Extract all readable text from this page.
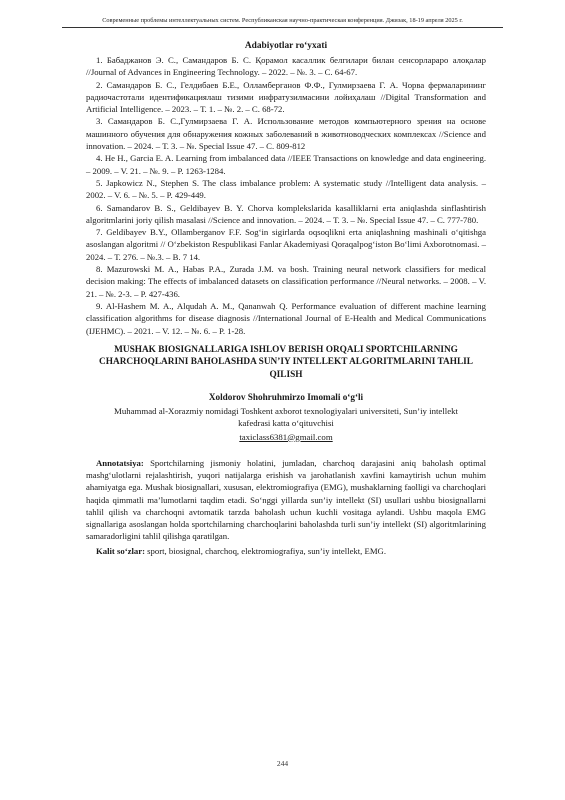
Современные проблемы интеллектуальных систем. Республиканская научно-практическая конференция. Джизак, 18-19 апреля 2025 г.

Adabiyotlar ro‘yxati

1. Бабаджанов Э. С., Самандаров Б. С. Қорамол касаллик белгилари билан сенсорлараро алоқалар //Journal of Advances in Engineering Technology. – 2022. – №. 3. – С. 64-67.

2. Самандаров Б. С., Гелдибаев Б.Е., Олламберганов Ф.Ф., Гулмирзаева Г. А. Чорва фермаларининг радиочастотали идентификациялаш тизими инфратузилмасини лойиҳалаш //Digital Transformation and Artificial Intelligence. – 2023. – Т. 1. – №. 2. – С. 68-72.

3. Самандаров Б. С.,Гулмирзаева Г. А. Использование методов компьютерного зрения на основе машинного обучения для обнаружения кожных заболеваний в животноводческих комплексах //Science and innovation. – 2024. – Т. 3. – №. Special Issue 47. – С. 809-812

4. He H., Garcia E. A. Learning from imbalanced data //IEEE Transactions on knowledge and data engineering. – 2009. – V. 21. – №. 9. – P. 1263-1284.

5. Japkowicz N., Stephen S. The class imbalance problem: A systematic study //Intelligent data analysis. – 2002. – V. 6. – №. 5. – P. 429-449.

6. Samandarov B. S., Geldibayev B. Y. Chorva komplekslarida kasalliklarni erta aniqlashda sinflashtirish algoritmlarini joriy qilish masalasi //Science and innovation. – 2024. – Т. 3. – №. Special Issue 47. – С. 777-780.

7. Geldibayev B.Y., Ollamberganov F.F. Sog‘in sigirlarda oqsoqlikni erta aniqlashning mashinali o‘qitishga asoslangan algoritmi // O‘zbekiston Respublikasi Fanlar Akademiyasi Qoraqalpog‘iston Bo‘limi Axborotnomasi. – 2024. – Т. 276. – №.3. – В. 7 14.

8. Mazurowski M. A., Habas P.A., Zurada J.M. va bosh. Training neural network classifiers for medical decision making: The effects of imbalanced datasets on classification performance //Neural networks. – 2008. – V. 21. – №. 2-3. – P. 427-436.

9. Al-Hashem M. A., Alqudah A. M., Qananwah Q. Performance evaluation of different machine learning classification algorithms for disease diagnosis //International Journal of E-Health and Medical Communications (IJEHMC). – 2021. – V. 12. – №. 6. – P. 1-28.

MUSHAK BIOSIGNALLARIGA ISHLOV BERISH ORQALI SPORTCHILARNING CHARCHOQLARINI BAHOLASHDA SUN’IY INTELLEKT ALGORITMLARINI TAHLIL QILISH

Xoldorov Shohruhmirzo Imomali o‘g‘li

Muhammad al-Xorazmiy nomidagi Toshkent axborot texnologiyalari universiteti, Sun’iy intellekt kafedrasi katta o‘qituvchisi

taxiclass6381@gmail.com

Annotatsiya: Sportchilarning jismoniy holatini, jumladan, charchoq darajasini aniq baholash optimal mashg‘ulotlarni rejalashtirish, yuqori natijalarga erishish va jarohatlanish xavfini kamaytirish uchun muhim ahamiyatga ega. Mushak biosignallari, xususan, elektromiografiya (EMG), mushaklarning faolligi va charchoqlari haqida qimmatli ma’lumotlarni taqdim etadi. So‘nggi yillarda sun’iy intellekt (SI) usullari ushbu biosignallarni tahlil qilish va charchoqni avtomatik tarzda baholash uchun kuchli vositaga aylandi. Ushbu maqola EMG signallariga asoslangan holda sportchilarning charchoqlarini baholashda turli sun’iy intellekt (SI) algoritmlarining samaradorligini tahlil qilishga qaratilgan.

Kalit so‘zlar: sport, biosignal, charchoq, elektromiografiya, sun’iy intellekt, EMG.

244
